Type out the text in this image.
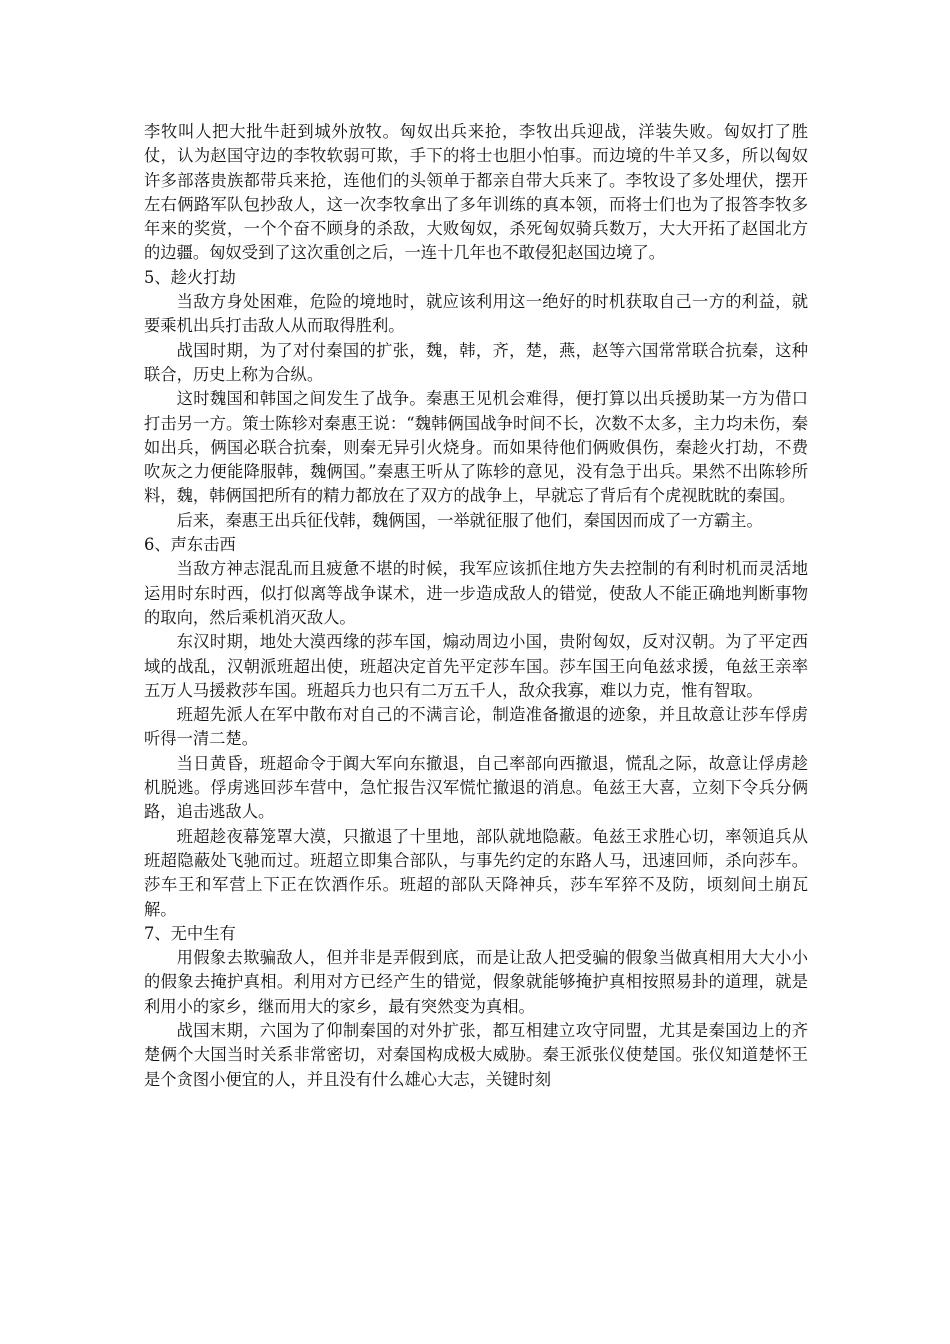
李牧叫人把大批牛赶到城外放牧。匈奴出兵来抢，李牧出兵迎战，洋装失败。匈奴打了胜仗，认为赵国守边的李牧软弱可欺，手下的将士也胆小怕事。而边境的牛羊又多，所以匈奴许多部落贵族都带兵来抢，连他们的头领单于都亲自带大兵来了。李牧设了多处埋伏，摆开左右俩路军队包抄敌人，这一次李牧拿出了多年训练的真本领，而将士们也为了报答李牧多年来的奖赏，一个个奋不顾身的杀敌，大败匈奴，杀死匈奴骑兵数万，大大开拓了赵国北方的边疆。匈奴受到了这次重创之后，一连十几年也不敢侵犯赵国边境了。

5、趁火打劫

当敌方身处困难，危险的境地时，就应该利用这一绝好的时机获取自己一方的利益，就要乘机出兵打击敌人从而取得胜利。

战国时期，为了对付秦国的扩张，魏，韩，齐，楚，燕，赵等六国常常联合抗秦，这种联合，历史上称为合纵。

这时魏国和韩国之间发生了战争。秦惠王见机会难得，便打算以出兵援助某一方为借口打击另一方。策士陈轸对秦惠王说：“魏韩俩国战争时间不长，次数不太多，主力均未伤，秦如出兵，俩国必联合抗秦，则秦无异引火烧身。而如果待他们俩败俱伤，秦趁火打劫，不费吹灰之力便能降服韩，魏俩国。”秦惠王听从了陈轸的意见，没有急于出兵。果然不出陈轸所料，魏，韩俩国把所有的精力都放在了双方的战争上，早就忘了背后有个虎视眈眈的秦国。

后来，秦惠王出兵征伐韩，魏俩国，一举就征服了他们，秦国因而成了一方霸主。

6、声东击西

当敌方神志混乱而且疲惫不堪的时候，我军应该抓住地方失去控制的有利时机而灵活地运用时东时西，似打似离等战争谋术，进一步造成敌人的错觉，使敌人不能正确地判断事物的取向，然后乘机消灭敌人。

东汉时期，地处大漠西缘的莎车国，煽动周边小国，贵附匈奴，反对汉朝。为了平定西域的战乱，汉朝派班超出使，班超决定首先平定莎车国。莎车国王向龟兹求援，龟兹王亲率五万人马援救莎车国。班超兵力也只有二万五千人，敌众我寡，难以力克，惟有智取。

班超先派人在军中散布对自己的不满言论，制造准备撤退的迹象，并且故意让莎车俘虏听得一清二楚。

当日黄昏，班超命令于阗大军向东撤退，自己率部向西撤退，慌乱之际，故意让俘虏趁机脱逃。俘虏逃回莎车营中，急忙报告汉军慌忙撤退的消息。龟兹王大喜，立刻下令兵分俩路，追击逃敌人。

班超趁夜幕笼罩大漠，只撤退了十里地，部队就地隐蔽。龟兹王求胜心切，率领追兵从班超隐蔽处飞驰而过。班超立即集合部队，与事先约定的东路人马，迅速回师，杀向莎车。莎车王和军营上下正在饮酒作乐。班超的部队天降神兵，莎车军猝不及防，顷刻间土崩瓦解。

7、无中生有

用假象去欺骗敌人，但并非是弄假到底，而是让敌人把受骗的假象当做真相用大大小小的假象去掩护真相。利用对方已经产生的错觉，假象就能够掩护真相按照易卦的道理，就是利用小的家乡，继而用大的家乡，最有突然变为真相。

战国末期，六国为了仰制秦国的对外扩张，都互相建立攻守同盟，尤其是秦国边上的齐楚俩个大国当时关系非常密切，对秦国构成极大威胁。秦王派张仪使楚国。张仪知道楚怀王是个贪图小便宜的人，并且没有什么雄心大志，关键时刻
